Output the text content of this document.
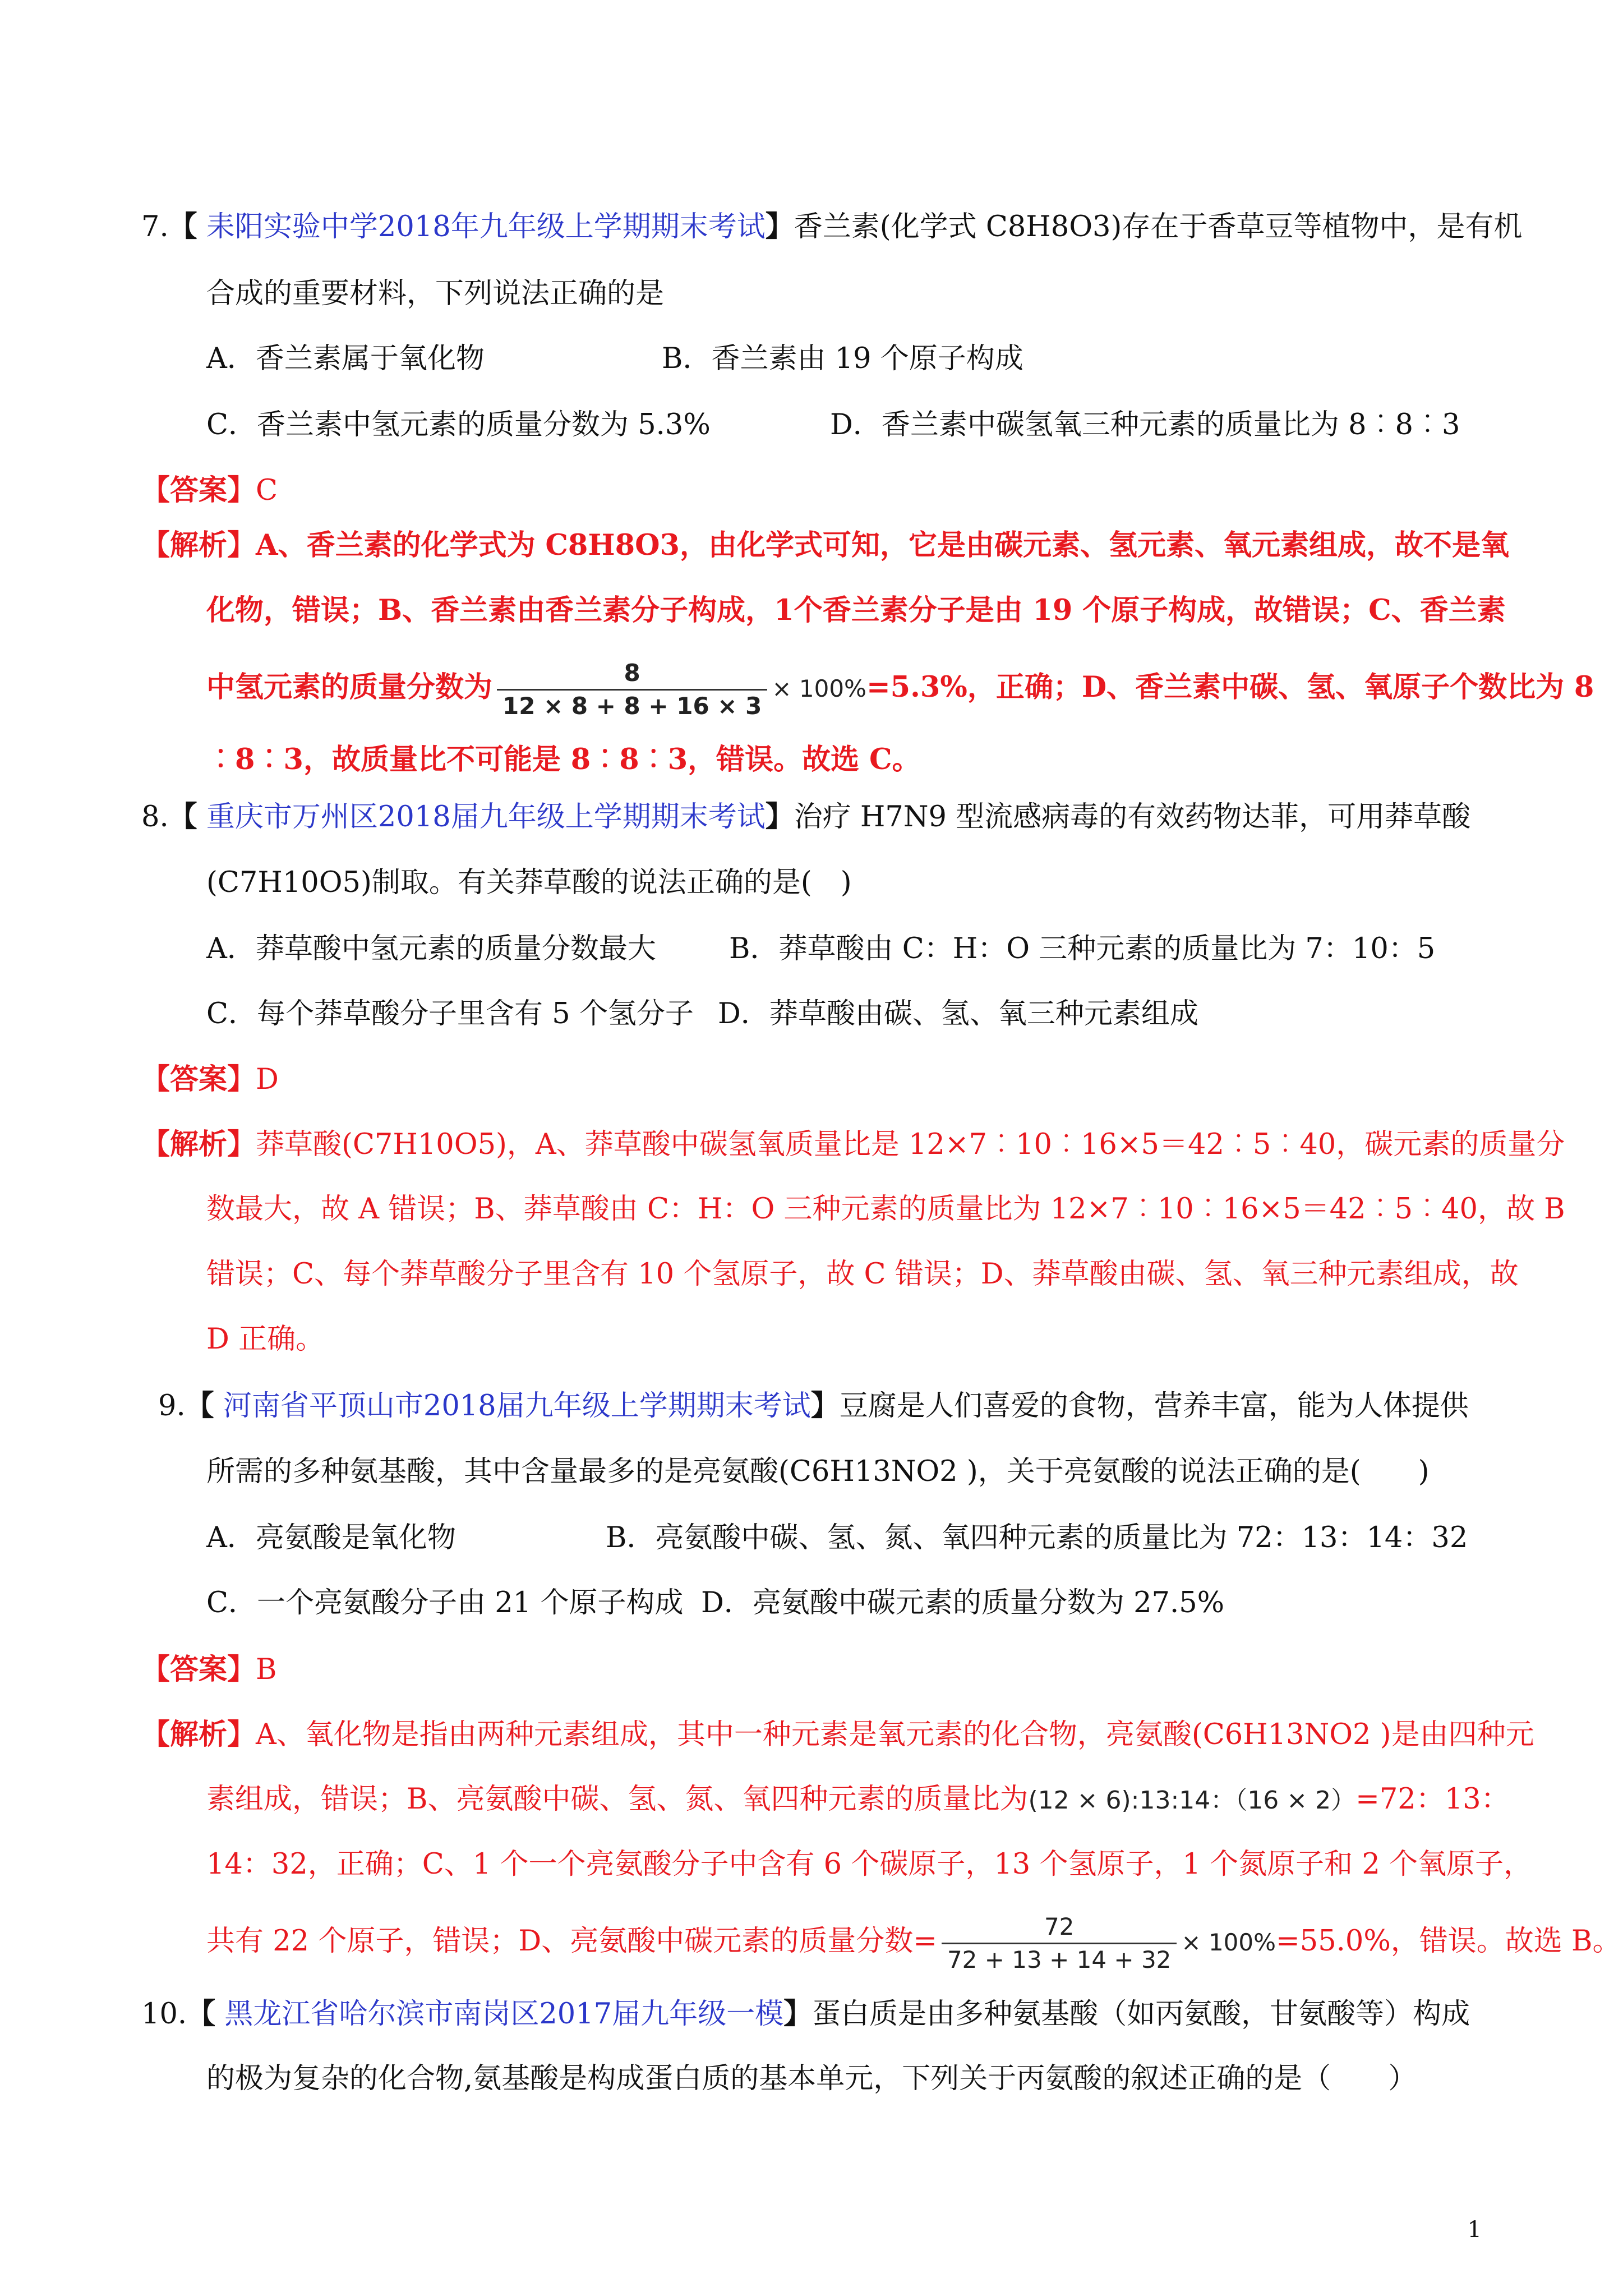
7.【 耒阳实验中学2018年九年级上学期期末考试】香兰素(化学式 C8H8O3)存在于香草豆等植物中，是有机
合成的重要材料，下列说法正确的是
A．香兰素属于氧化物	B．香兰素由 19 个原子构成
C．香兰素中氢元素的质量分数为 5.3%	D．香兰素中碳氢氧三种元素的质量比为 8︰8︰3
【答案】C
【解析】A、香兰素的化学式为 C8H8O3，由化学式可知，它是由碳元素、氢元素、氧元素组成，故不是氧
化物，错误；B、香兰素由香兰素分子构成，1个香兰素分子是由 19 个原子构成，故错误；C、香兰素
中氢元素的质量分数为 $\frac{8}{12 \times 8 + 8 + 16 \times 3} \times 100\%=5.3\%$，正确；D、香兰素中碳、氢、氧原子个数比为 8
︰8︰3，故质量比不可能是 8︰8︰3，错误。故选 C。
8.【 重庆市万州区2018届九年级上学期期末考试】治疗 H7N9 型流感病毒的有效药物达菲，可用莽草酸
(C7H10O5)制取。有关莽草酸的说法正确的是(　)
A．莽草酸中氢元素的质量分数最大	B．莽草酸由 C：H：O 三种元素的质量比为 7：10：5
C．每个莽草酸分子里含有 5 个氢分子 D．莽草酸由碳、氢、氧三种元素组成
【答案】D
【解析】莽草酸(C7H10O5)，A、莽草酸中碳氢氧质量比是 12×7︰10︰16×5＝42︰5︰40，碳元素的质量分
数最大，故 A 错误；B、莽草酸由 C：H：O 三种元素的质量比为 12×7︰10︰16×5＝42︰5︰40，故 B
错误；C、每个莽草酸分子里含有 10 个氢原子，故 C 错误；D、莽草酸由碳、氢、氧三种元素组成，故
D 正确。
9.【 河南省平顶山市2018届九年级上学期期末考试】豆腐是人们喜爱的食物，营养丰富，能为人体提供
所需的多种氨基酸，其中含量最多的是亮氨酸(C6H13NO2 )，关于亮氨酸的说法正确的是(　　)
A．亮氨酸是氧化物	B．亮氨酸中碳、氢、氮、氧四种元素的质量比为 72：13：14：32
C．一个亮氨酸分子由 21 个原子构成 D．亮氨酸中碳元素的质量分数为 27.5%
【答案】B
【解析】A、氧化物是指由两种元素组成，其中一种元素是氧元素的化合物，亮氨酸(C6H13NO2 )是由四种元
素组成，错误；B、亮氨酸中碳、氢、氮、氧四种元素的质量比为(12 × 6):13:14：（16 × 2）=72：13：
14：32，正确；C、1 个一个亮氨酸分子中含有 6 个碳原子，13 个氢原子，1 个氮原子和 2 个氧原子，
共有 22 个原子，错误；D、亮氨酸中碳元素的质量分数= $\frac{72}{72 + 13 + 14 + 32} \times 100\%=55.0\%$，错误。故选 B。
10.【 黑龙江省哈尔滨市南岗区2017届九年级一模】蛋白质是由多种氨基酸（如丙氨酸，甘氨酸等）构成
的极为复杂的化合物,氨基酸是构成蛋白质的基本单元，下列关于丙氨酸的叙述正确的是（　　）
1
